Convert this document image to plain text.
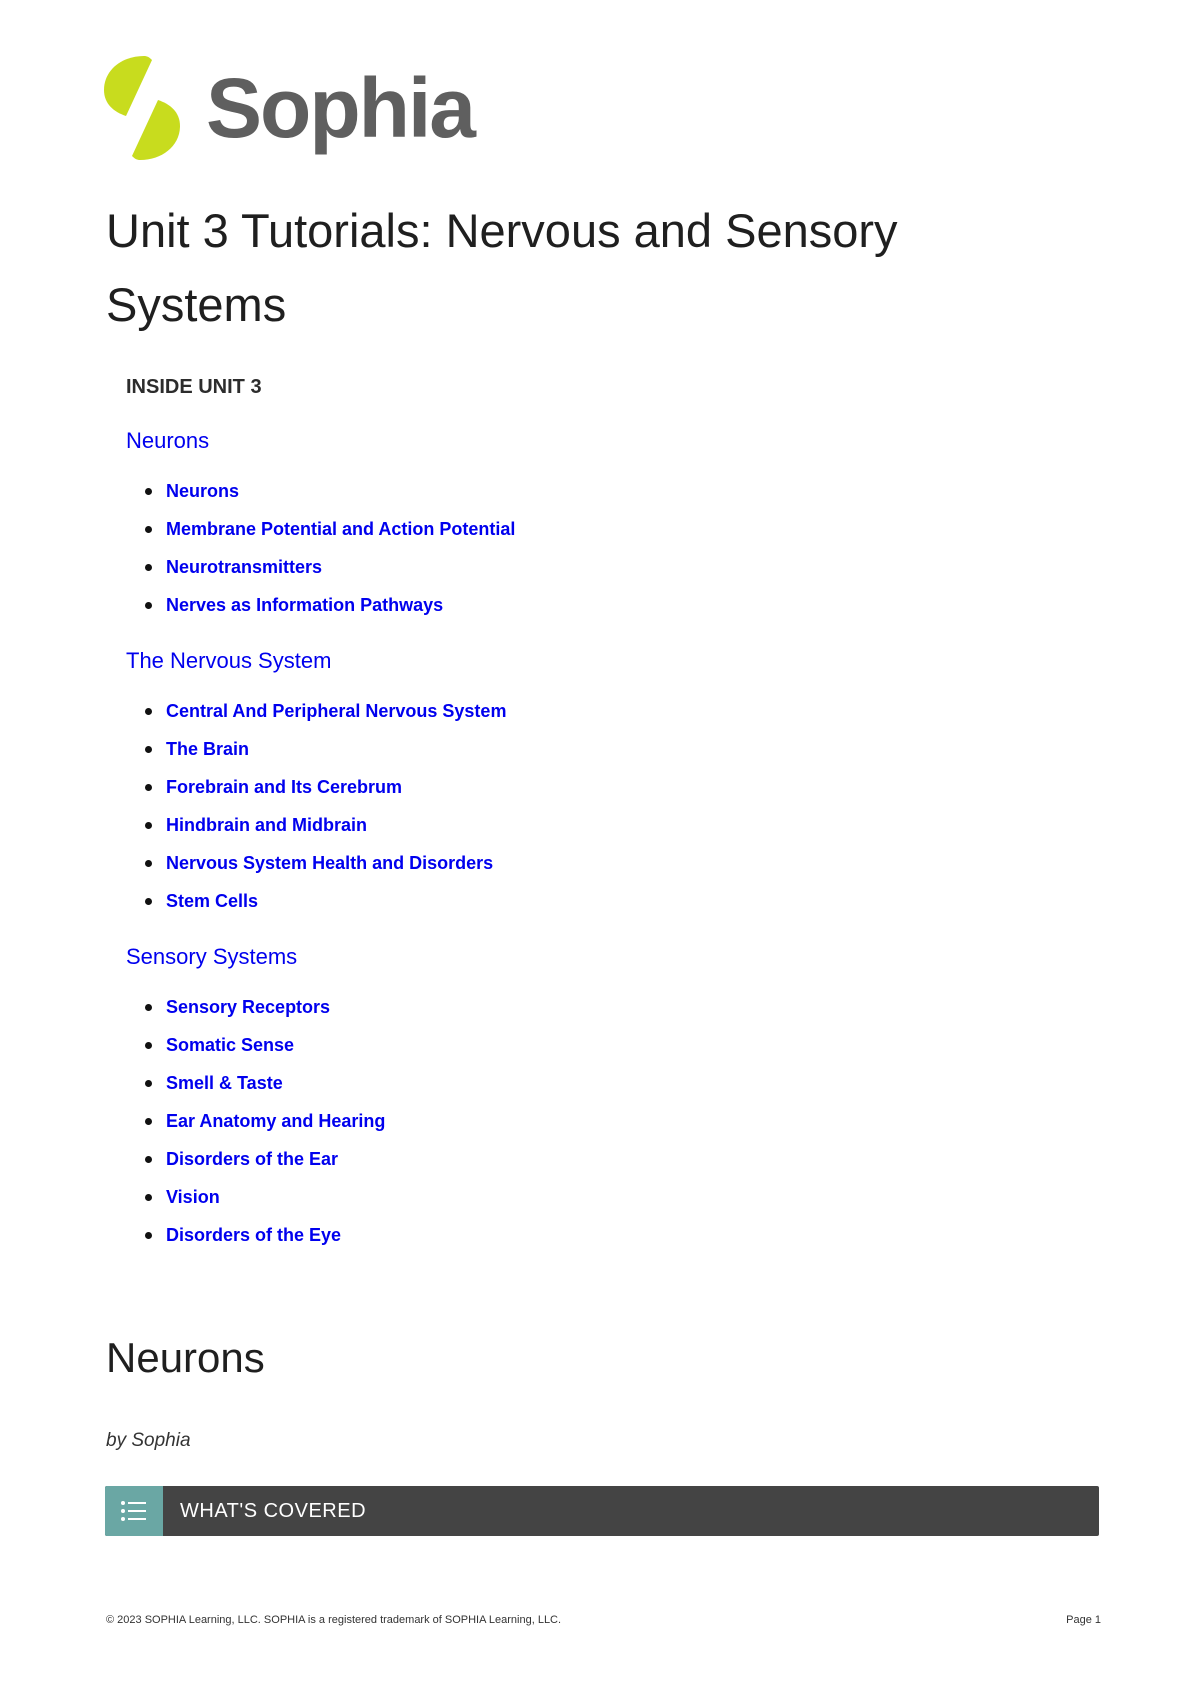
Sophia
Unit 3 Tutorials: Nervous and Sensory Systems
INSIDE UNIT 3
Neurons
Neurons
Membrane Potential and Action Potential
Neurotransmitters
Nerves as Information Pathways
The Nervous System
Central And Peripheral Nervous System
The Brain
Forebrain and Its Cerebrum
Hindbrain and Midbrain
Nervous System Health and Disorders
Stem Cells
Sensory Systems
Sensory Receptors
Somatic Sense
Smell & Taste
Ear Anatomy and Hearing
Disorders of the Ear
Vision
Disorders of the Eye
Neurons
by Sophia
WHAT'S COVERED
© 2023 SOPHIA Learning, LLC. SOPHIA is a registered trademark of SOPHIA Learning, LLC.	Page 1
